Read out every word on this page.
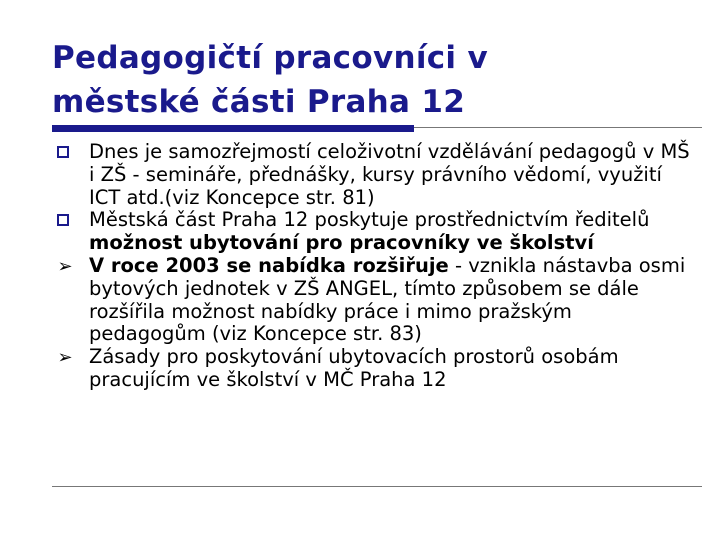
Pedagogičtí pracovníci v
městské části Praha 12
Dnes je samozřejmostí celoživotní vzdělávání pedagogů v MŠ i ZŠ - semináře, přednášky, kursy právního vědomí, využití ICT atd.(viz Koncepce str. 81)
Městská část Praha 12 poskytuje prostřednictvím ředitelů možnost ubytování pro pracovníky ve školství
➢ V roce 2003 se nabídka rozšiřuje - vznikla nástavba osmi bytových jednotek v ZŠ ANGEL, tímto způsobem se dále rozšířila možnost nabídky práce i mimo pražským pedagogům (viz Koncepce str. 83)
➢ Zásady pro poskytování ubytovacích prostorů osobám pracujícím ve školství v MČ Praha 12
